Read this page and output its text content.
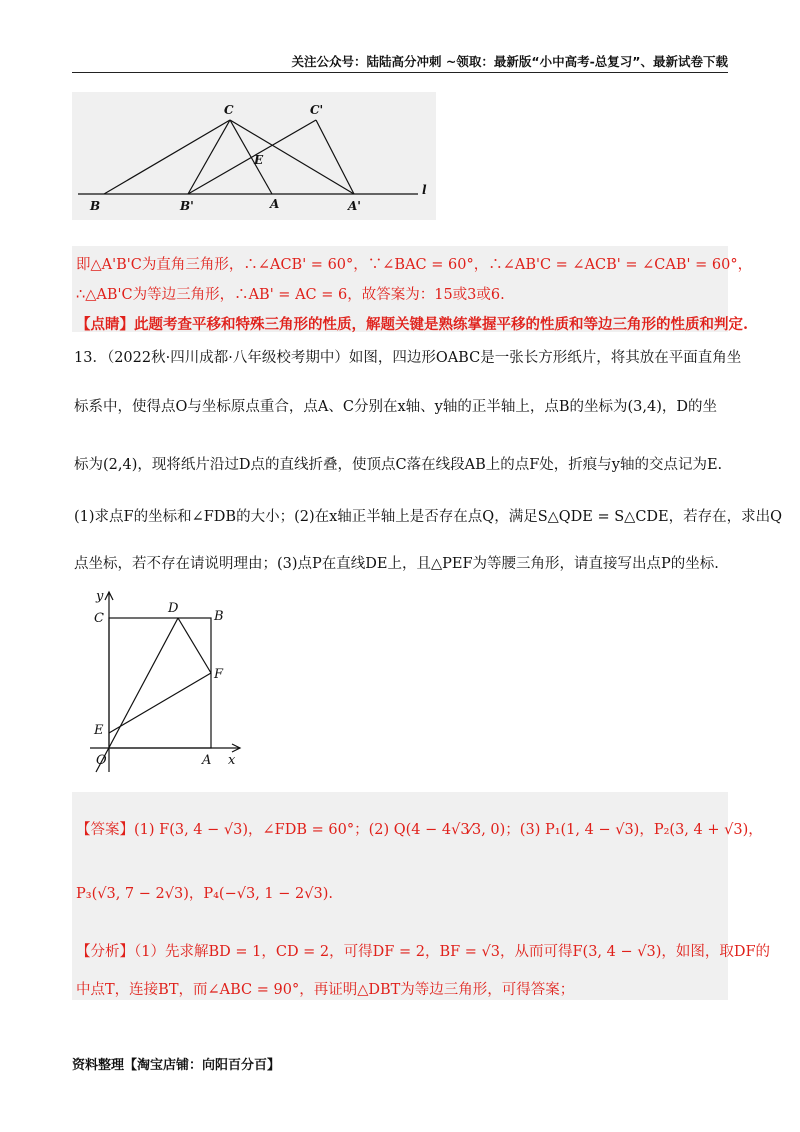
关注公众号：陆陆高分冲刺 ~领取：最新版“小中高考-总复习”、最新试卷下载
C	C'
E
B	B'	A	A'
l
即△A'B'C为直角三角形，∴∠ACB' = 60°，∵∠BAC = 60°，∴∠AB'C = ∠ACB' = ∠CAB' = 60°，
∴△AB'C为等边三角形，∴AB' = AC = 6，故答案为：15或3或6.
【点睛】此题考查平移和特殊三角形的性质，解题关键是熟练掌握平移的性质和等边三角形的性质和判定.
13．（2022秋·四川成都·八年级校考期中）如图，四边形OABC是一张长方形纸片，将其放在平面直角坐
标系中，使得点O与坐标原点重合，点A、C分别在x轴、y轴的正半轴上，点B的坐标为(3,4)，D的坐
标为(2,4)，现将纸片沿过D点的直线折叠，使顶点C落在线段AB上的点F处，折痕与y轴的交点记为E.
(1)求点F的坐标和∠FDB的大小；(2)在x轴正半轴上是否存在点Q，满足S△QDE = S△CDE，若存在，求出Q
点坐标，若不存在请说明理由；(3)点P在直线DE上，且△PEF为等腰三角形，请直接写出点P的坐标.
y
x
C
D
B
F
E
O	A
【答案】(1) F(3, 4 − √3)，∠FDB = 60°；(2) Q(4 − 4√3⁄3, 0)；(3) P₁(1, 4 − √3)，P₂(3, 4 + √3)，
P₃(√3, 7 − 2√3)，P₄(−√3, 1 − 2√3).
【分析】（1）先求解BD = 1，CD = 2，可得DF = 2，BF = √3，从而可得F(3, 4 − √3)，如图，取DF的
中点T，连接BT，而∠ABC = 90°，再证明△DBT为等边三角形，可得答案；
资料整理【淘宝店铺：向阳百分百】
